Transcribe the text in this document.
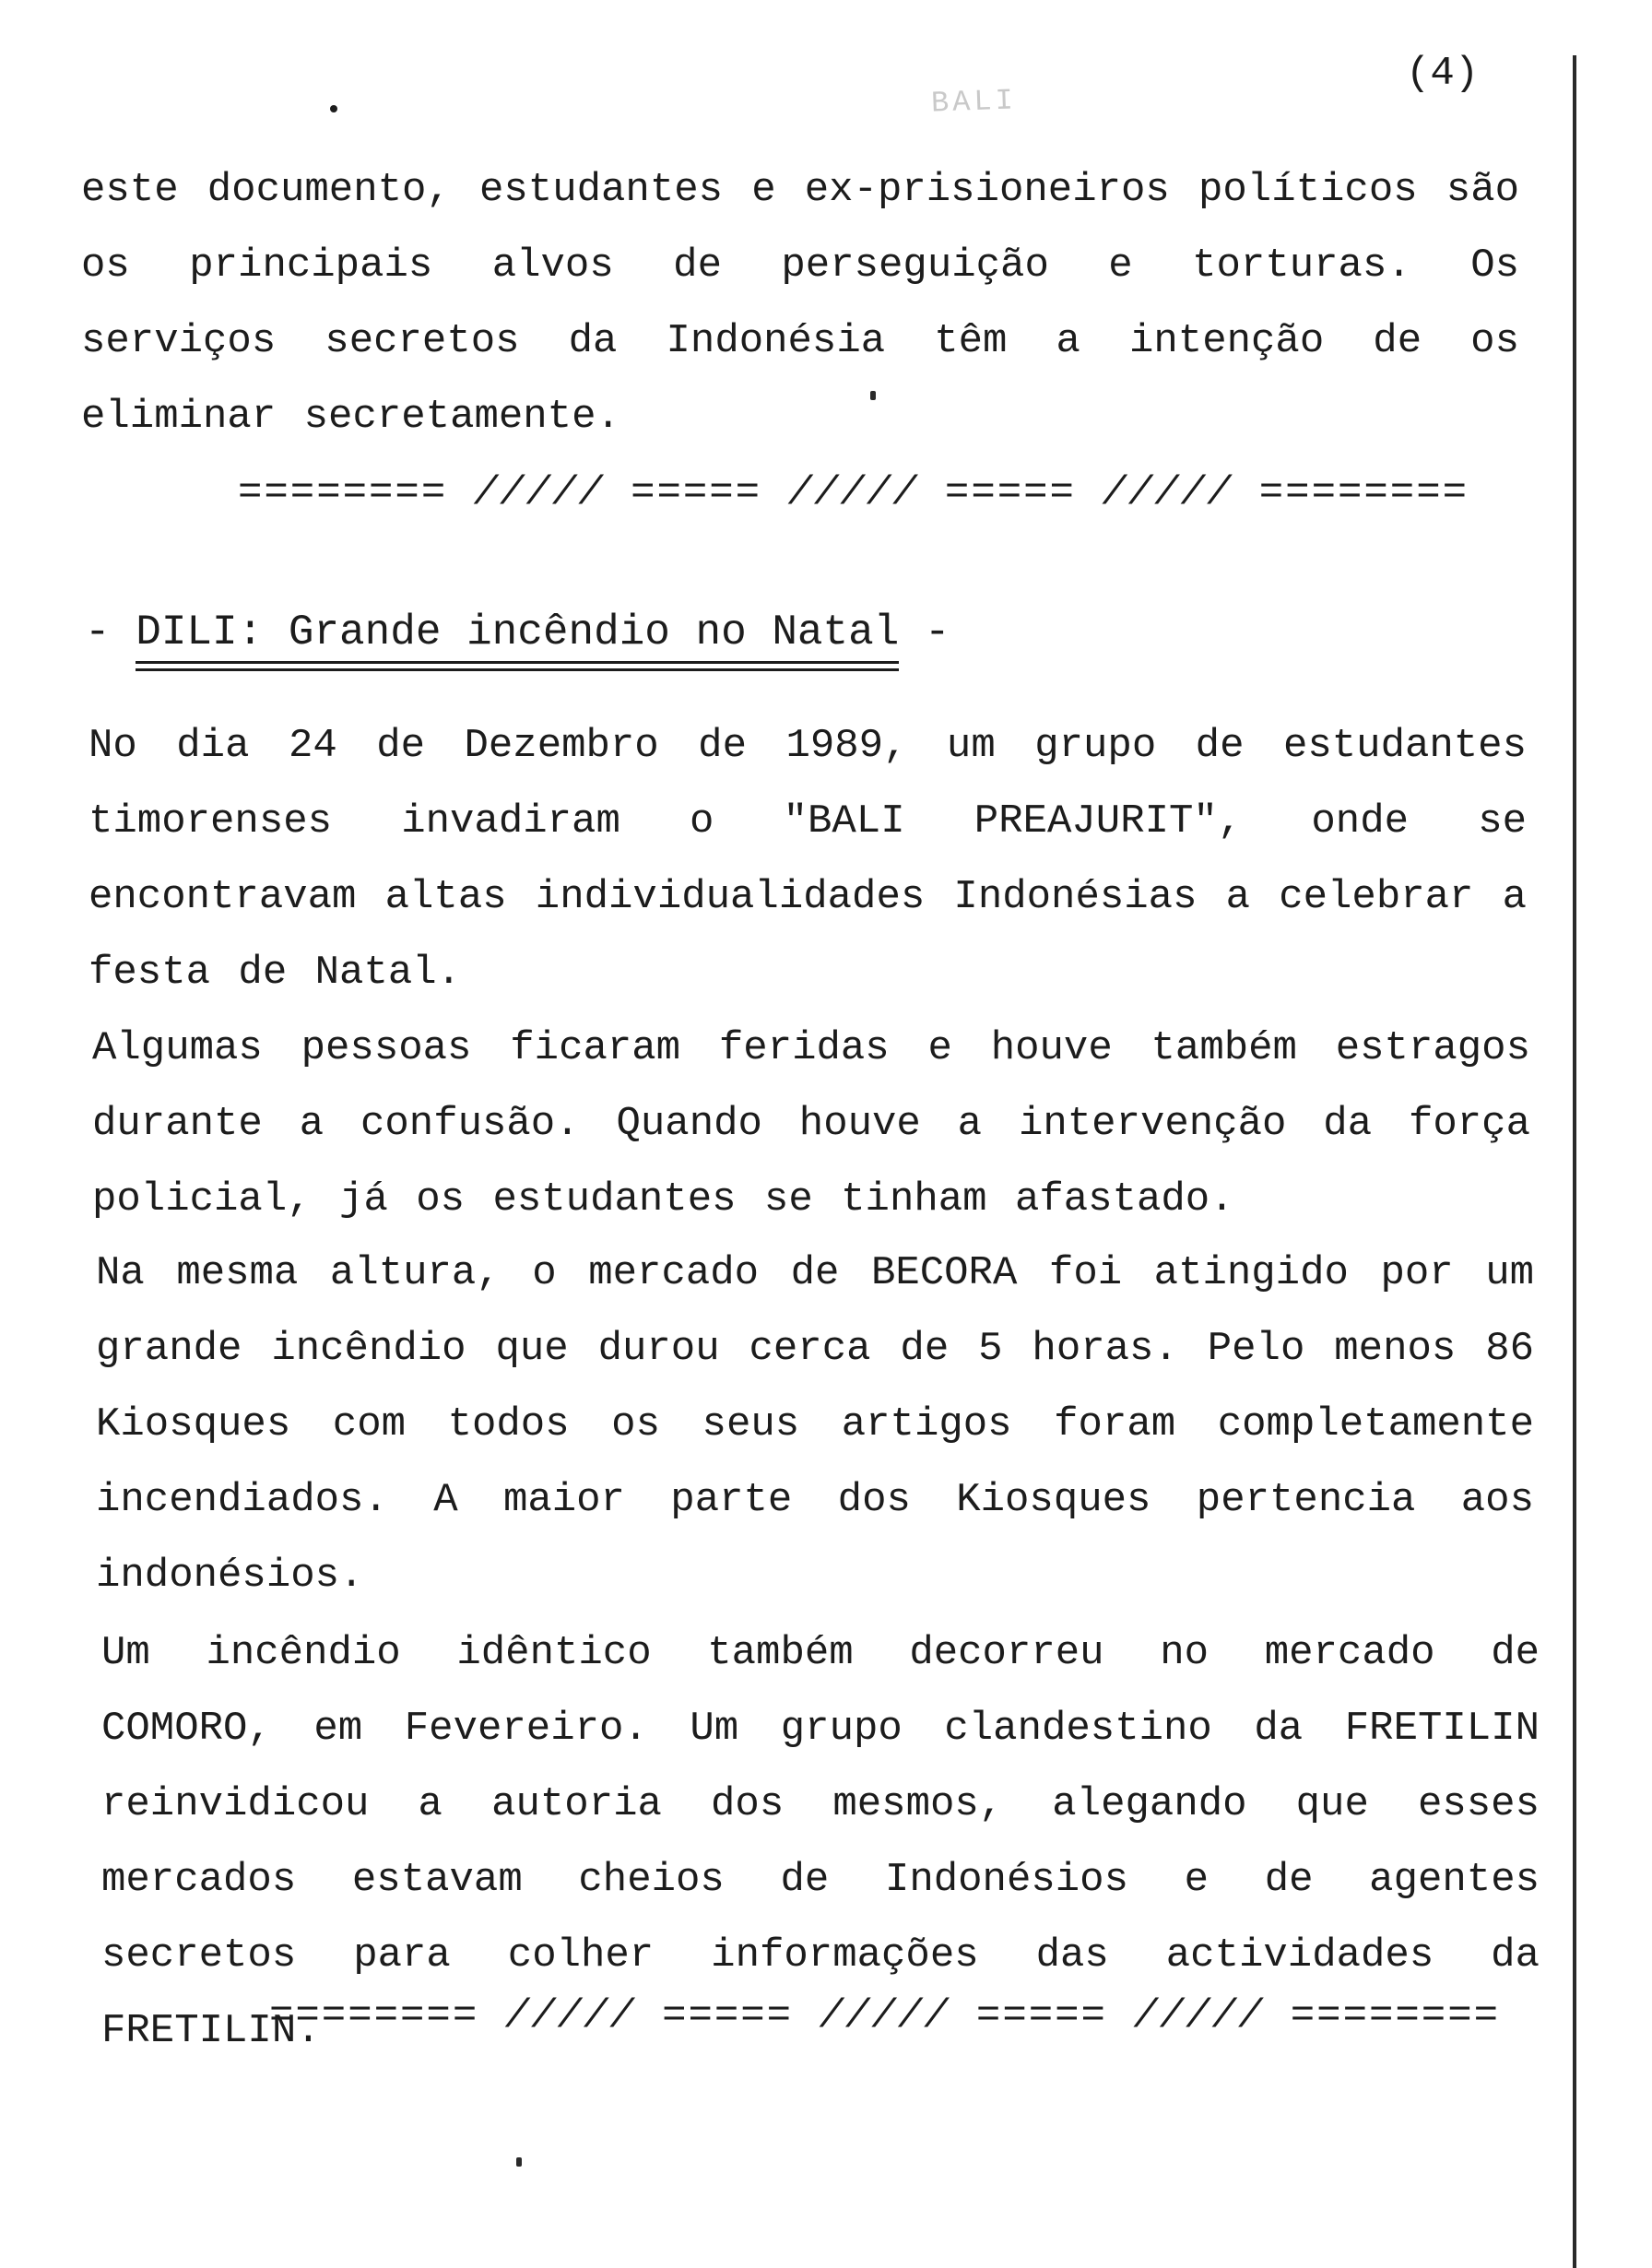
(4)
BALI
este documento, estudantes e ex-prisioneiros políticos são os principais alvos de perseguição e torturas. Os serviços secretos da Indonésia têm a intenção de os eliminar secretamente.
======== ///// ===== ///// ===== ///// ========
- DILI: Grande incêndio no Natal
-
No dia 24 de Dezembro de 1989, um grupo de estudantes timorenses invadiram o "BALI PREAJURIT", onde se encontravam altas individualidades Indonésias a celebrar a festa de Natal.
Algumas pessoas ficaram feridas e houve também estragos durante a confusão. Quando houve a intervenção da força policial, já os estudantes se tinham afastado.
Na mesma altura, o mercado de BECORA foi atingido por um grande incêndio que durou cerca de 5 horas. Pelo menos 86 Kiosques com todos os seus artigos foram completamente incendiados. A maior parte dos Kiosques pertencia aos indonésios.
Um incêndio idêntico também decorreu no mercado de COMORO, em Fevereiro. Um grupo clandestino da FRETILIN reinvidicou a autoria dos mesmos, alegando que esses mercados estavam cheios de Indonésios e de agentes secretos para colher informações das actividades da FRETILIN.
======== ///// ===== ///// ===== ///// ========
